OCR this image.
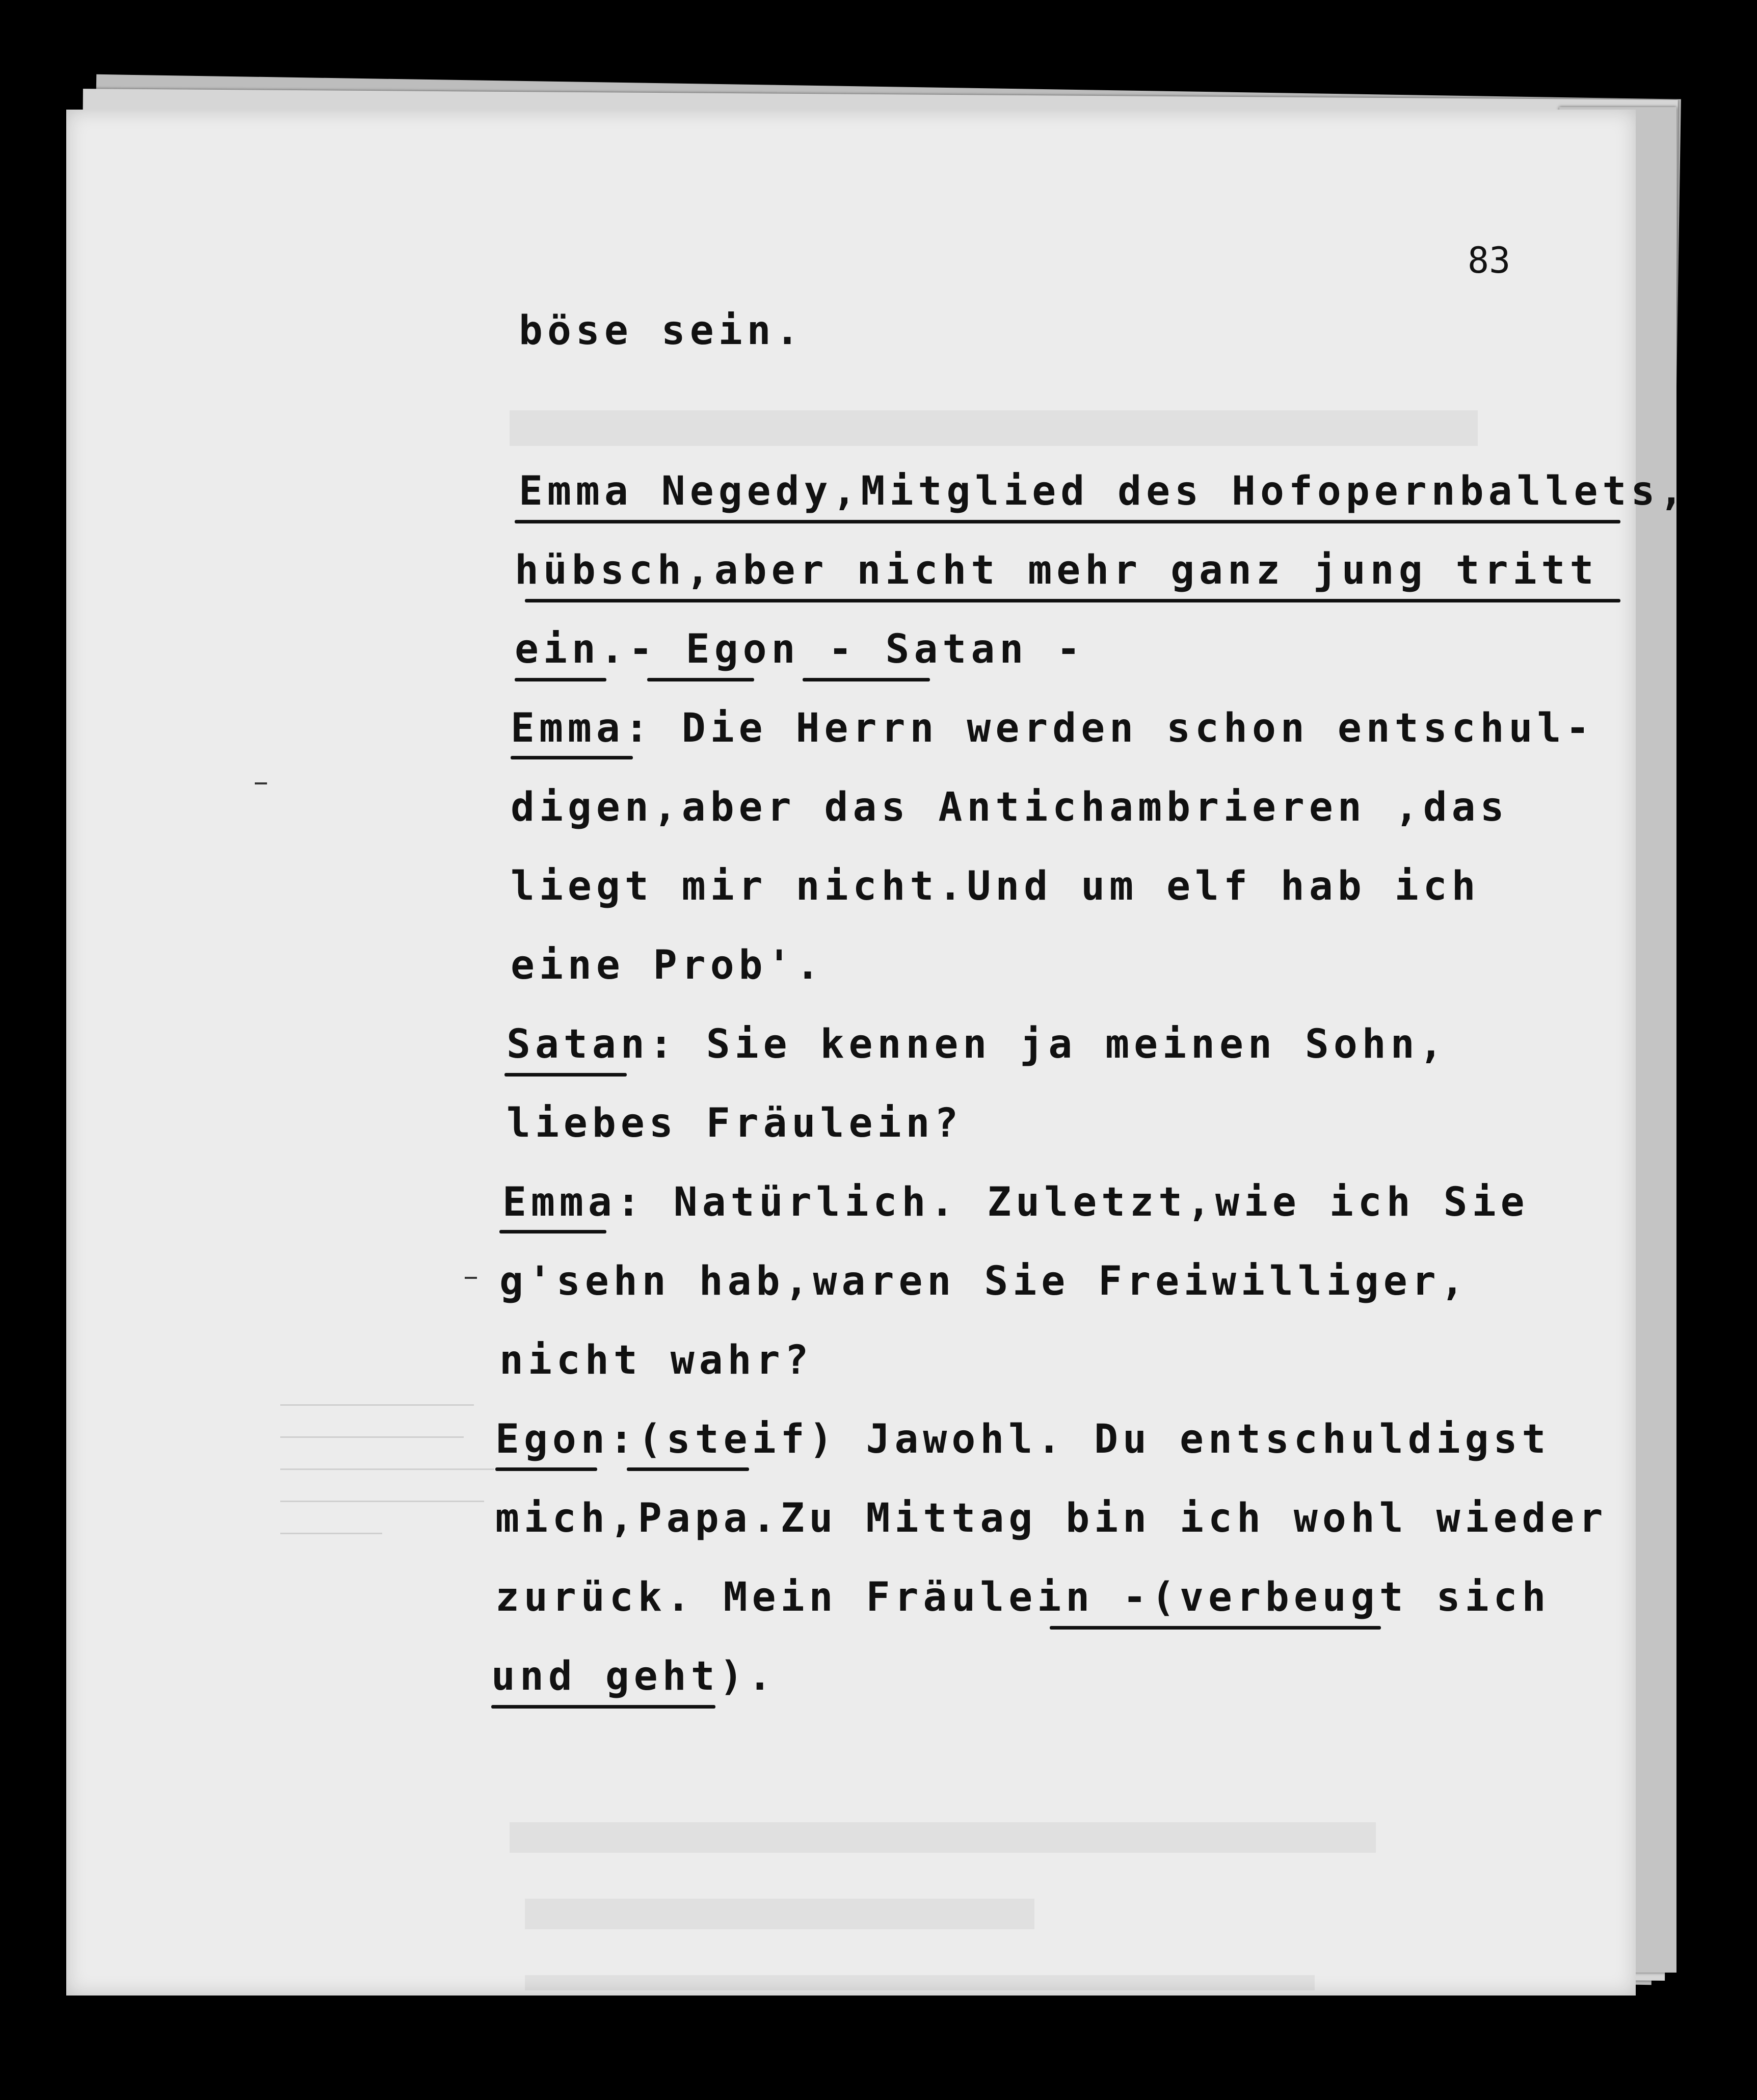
83
böse sein.
Emma Negedy,Mitglied des Hofopernballets,
hübsch,aber nicht mehr ganz jung tritt
ein.- Egon - Satan -
Emma: Die Herrn werden schon entschul-
digen,aber das Antichambrieren ,das
liegt mir nicht.Und um elf hab ich
eine Prob'.
Satan: Sie kennen ja meinen Sohn,
liebes Fräulein?
Emma: Natürlich. Zuletzt,wie ich Sie
g'sehn hab,waren Sie Freiwilliger,
nicht wahr?
Egon:(steif) Jawohl. Du entschuldigst
mich,Papa.Zu Mittag bin ich wohl wieder
zurück. Mein Fräulein -(verbeugt sich
und geht).
